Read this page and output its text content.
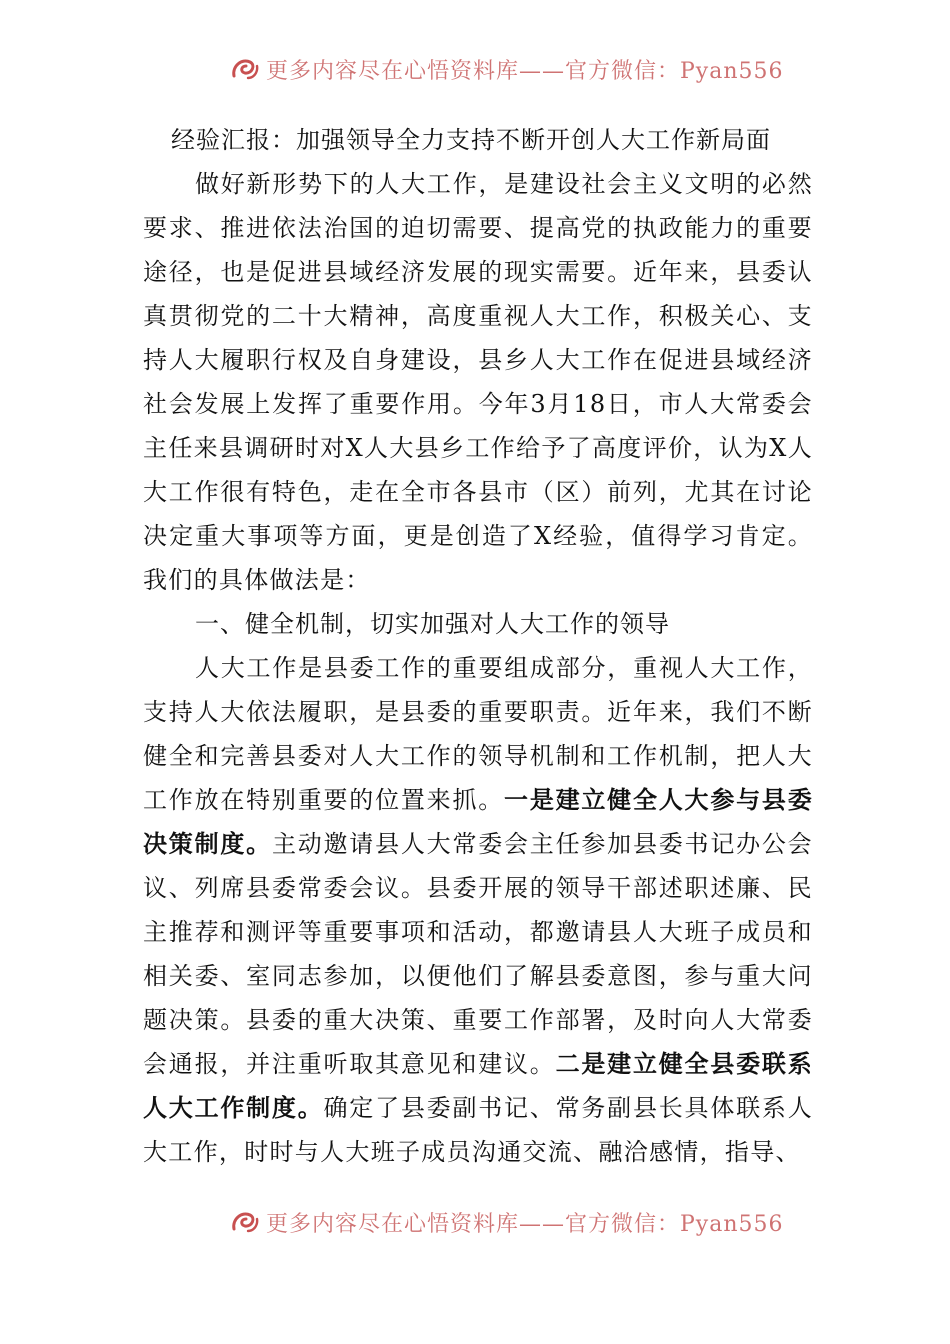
更多内容尽在心悟资料库——官方微信：Pyan556

经验汇报：加强领导全力支持不断开创人大工作新局面

做好新形势下的人大工作，是建设社会主义文明的必然要求、推进依法治国的迫切需要、提高党的执政能力的重要途径，也是促进县域经济发展的现实需要。近年来，县委认真贯彻党的二十大精神，高度重视人大工作，积极关心、支持人大履职行权及自身建设，县乡人大工作在促进县域经济社会发展上发挥了重要作用。今年3月18日，市人大常委会主任来县调研时对X人大县乡工作给予了高度评价，认为X人大工作很有特色，走在全市各县市（区）前列，尤其在讨论决定重大事项等方面，更是创造了X经验，值得学习肯定。我们的具体做法是：

一、健全机制，切实加强对人大工作的领导

人大工作是县委工作的重要组成部分，重视人大工作，支持人大依法履职，是县委的重要职责。近年来，我们不断健全和完善县委对人大工作的领导机制和工作机制，把人大工作放在特别重要的位置来抓。一是建立健全人大参与县委决策制度。主动邀请县人大常委会主任参加县委书记办公会议、列席县委常委会议。县委开展的领导干部述职述廉、民主推荐和测评等重要事项和活动，都邀请县人大班子成员和相关委、室同志参加，以便他们了解县委意图，参与重大问题决策。县委的重大决策、重要工作部署，及时向人大常委会通报，并注重听取其意见和建议。二是建立健全县委联系人大工作制度。确定了县委副书记、常务副县长具体联系人大工作，时时与人大班子成员沟通交流、融洽感情，指导、

更多内容尽在心悟资料库——官方微信：Pyan556
